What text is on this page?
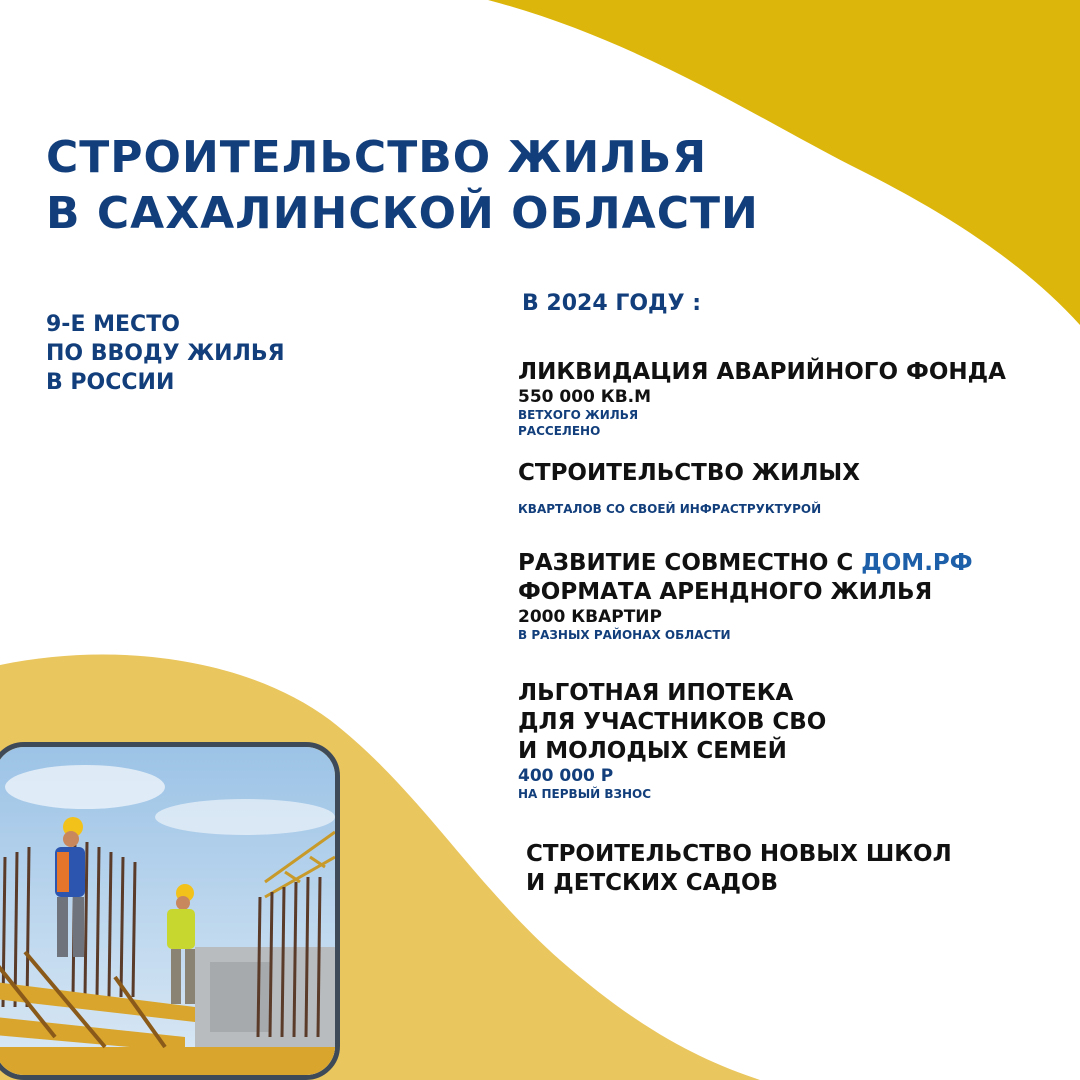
СТРОИТЕЛЬСТВО ЖИЛЬЯ
В САХАЛИНСКОЙ ОБЛАСТИ
9-Е МЕСТО
ПО ВВОДУ ЖИЛЬЯ
В РОССИИ
В 2024 ГОДУ :
ЛИКВИДАЦИЯ АВАРИЙНОГО ФОНДА
550 000 КВ.М
ВЕТХОГО ЖИЛЬЯ
РАССЕЛЕНО
СТРОИТЕЛЬСТВО ЖИЛЫХ
КВАРТАЛОВ СО СВОЕЙ ИНФРАСТРУКТУРОЙ
РАЗВИТИЕ СОВМЕСТНО С ДОМ.РФ
ФОРМАТА АРЕНДНОГО ЖИЛЬЯ
2000 КВАРТИР
В РАЗНЫХ РАЙОНАХ ОБЛАСТИ
ЛЬГОТНАЯ ИПОТЕКА
ДЛЯ УЧАСТНИКОВ СВО
И МОЛОДЫХ СЕМЕЙ
400 000 Р
НА ПЕРВЫЙ ВЗНОС
СТРОИТЕЛЬСТВО НОВЫХ ШКОЛ
И ДЕТСКИХ САДОВ
